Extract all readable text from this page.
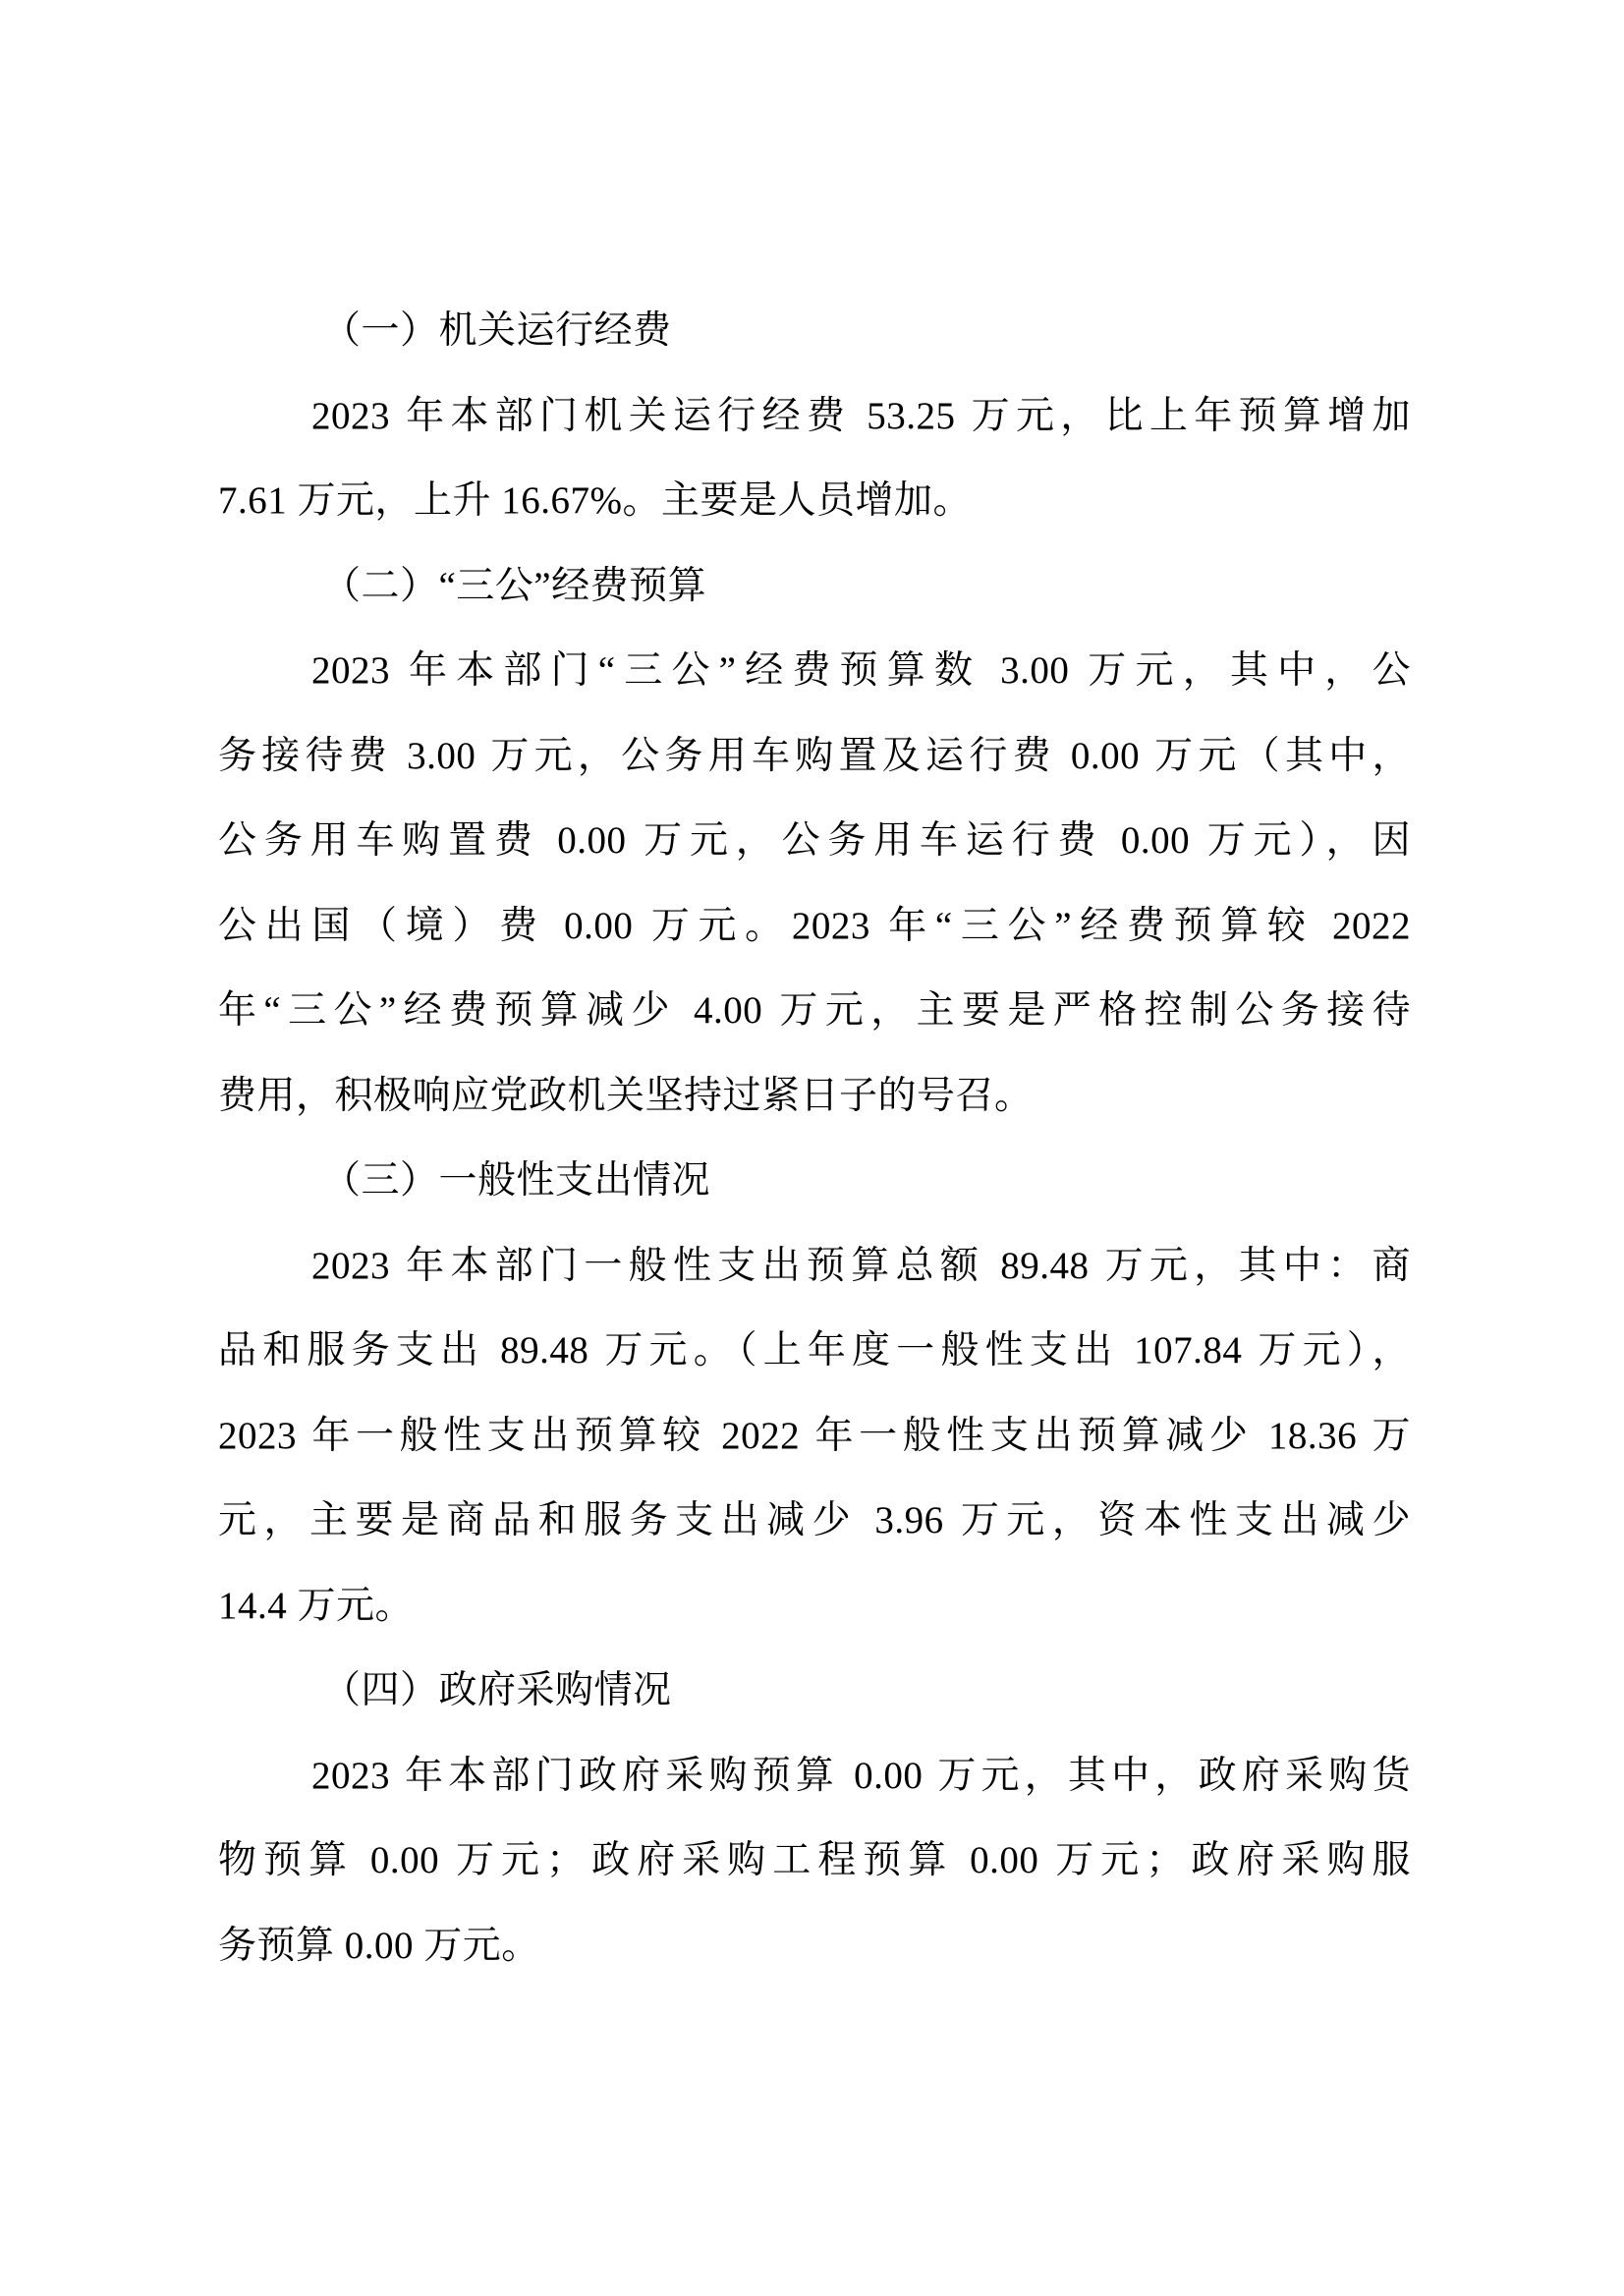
（一）机关运行经费
2023 年本部门机关运行经费 53.25 万元，比上年预算增加
7.61 万元，上升 16.67%。主要是人员增加。
（二）“三公”经费预算
2023 年本部门“三公”经费预算数 3.00 万元，其中，公
务接待费 3.00 万元，公务用车购置及运行费 0.00 万元（其中，
公务用车购置费 0.00 万元，公务用车运行费 0.00 万元），因
公出国（境）费 0.00 万元。2023 年“三公”经费预算较 2022
年“三公”经费预算减少 4.00 万元，主要是严格控制公务接待
费用，积极响应党政机关坚持过紧日子的号召。
（三）一般性支出情况
2023 年本部门一般性支出预算总额 89.48 万元，其中：商
品和服务支出 89.48 万元。（上年度一般性支出 107.84 万元），
2023 年一般性支出预算较 2022 年一般性支出预算减少 18.36 万
元，主要是商品和服务支出减少 3.96 万元，资本性支出减少
14.4 万元。
（四）政府采购情况
2023 年本部门政府采购预算 0.00 万元，其中，政府采购货
物预算 0.00 万元；政府采购工程预算 0.00 万元；政府采购服
务预算 0.00 万元。
